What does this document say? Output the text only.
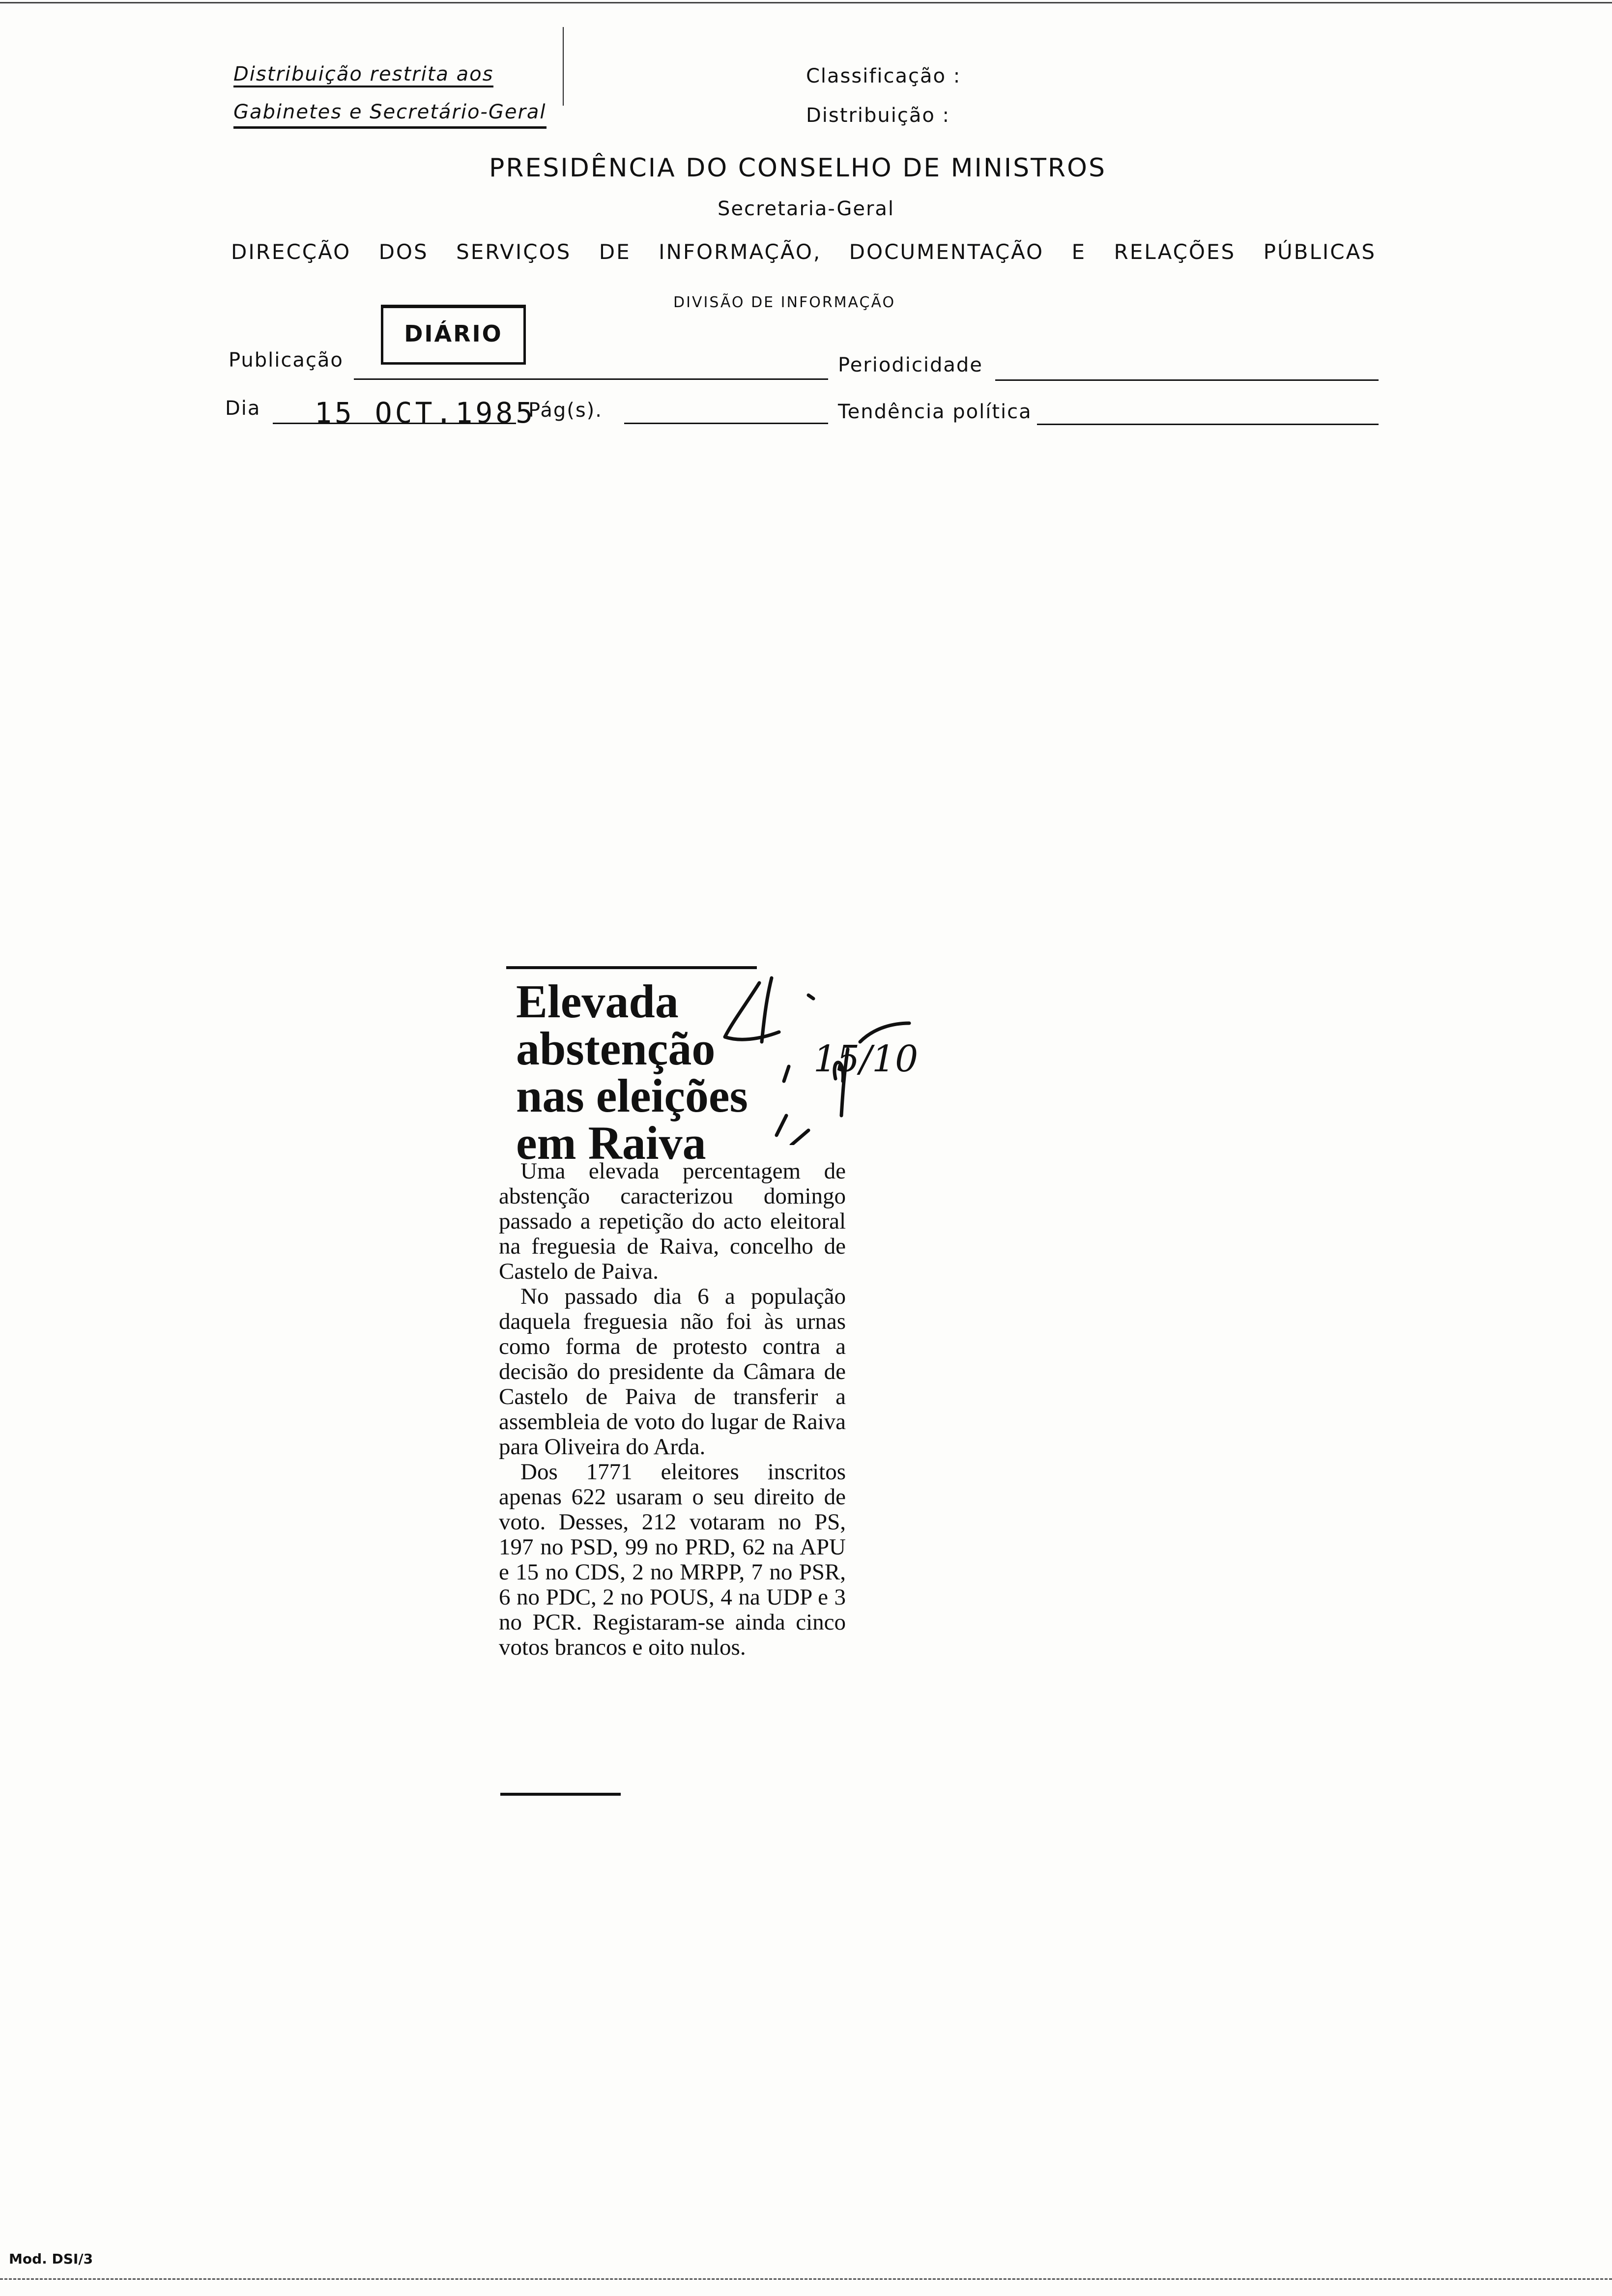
Distribuição restrita aos
Gabinetes e Secretário-Geral
Classificação :
Distribuição :
PRESIDÊNCIA DO CONSELHO DE MINISTROS
Secretaria-Geral
DIRECÇÃO DOS SERVIÇOS DE INFORMAÇÃO, DOCUMENTAÇÃO E RELAÇÕES PÚBLICAS
DIVISÃO DE INFORMAÇÃO
Publicação
DIÁRIO
Periodicidade
Dia 15 OCT.1985
Pág(s).	Tendência política
Elevada
abstenção
nas eleições
em Raiva
15/10

Uma elevada percentagem de abstenção caracterizou domingo passado a repetição do acto eleitoral na freguesia de Raiva, concelho de Castelo de Paiva.

No passado dia 6 a população daquela freguesia não foi às urnas como forma de protesto contra a decisão do presidente da Câmara de Castelo de Paiva de transferir a assembleia de voto do lugar de Raiva para Oliveira do Arda.

Dos 1771 eleitores inscritos apenas 622 usaram o seu direito de voto. Desses, 212 votaram no PS, 197 no PSD, 99 no PRD, 62 na APU e 15 no CDS, 2 no MRPP, 7 no PSR, 6 no PDC, 2 no POUS, 4 na UDP e 3 no PCR. Registaram-se ainda cinco votos brancos e oito nulos.

Mod. DSI/3
